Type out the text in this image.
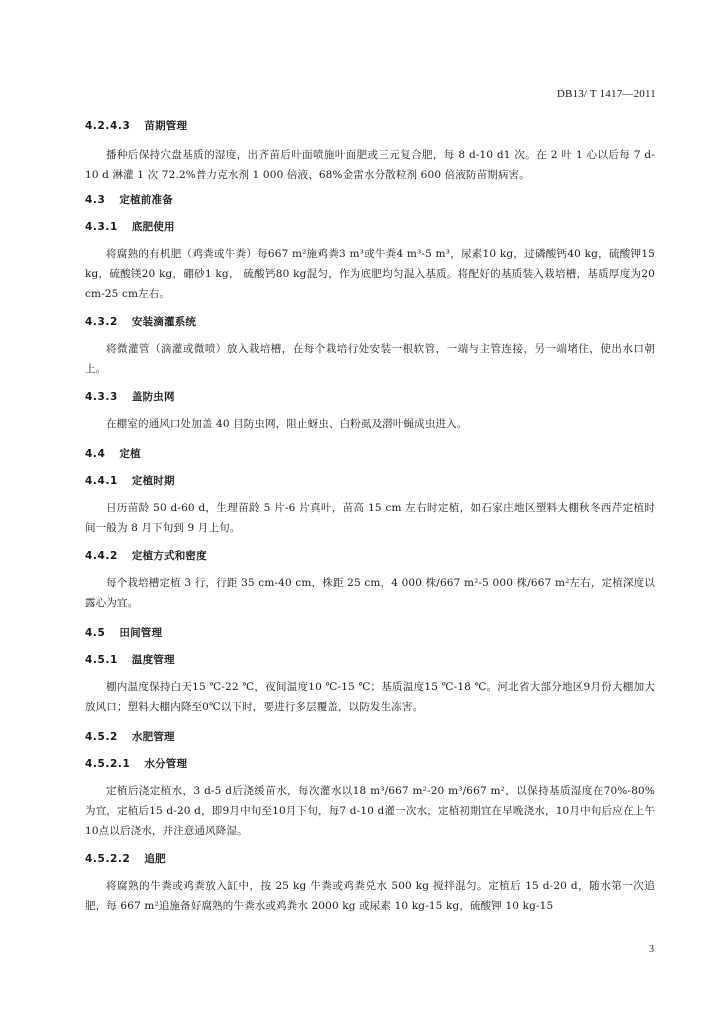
DB13/ T 1417—2011
4.2.4.3 苗期管理

播种后保持穴盘基质的湿度，出齐苗后叶面喷施叶面肥或三元复合肥，每 8 d-10 d1 次。在 2 叶 1 心以后每 7 d-10 d 淋灌 1 次 72.2%普力克水剂 1 000 倍液、68%金雷水分散粒剂 600 倍液防苗期病害。

4.3 定植前准备
4.3.1 底肥使用

将腐熟的有机肥（鸡粪或牛粪）每667 m²施鸡粪3 m³或牛粪4 m³-5 m³，尿素10 kg，过磷酸钙40 kg，硫酸钾15 kg，硫酸镁20 kg，硼砂1 kg， 硫酸钙80 kg混匀，作为底肥均匀混入基质。将配好的基质装入栽培槽，基质厚度为20 cm-25 cm左右。

4.3.2 安装滴灌系统

将微灌管（滴灌或微喷）放入栽培槽，在每个栽培行处安装一根软管，一端与主管连接，另一端堵住，使出水口朝上。

4.3.3 盖防虫网

在棚室的通风口处加盖 40 目防虫网，阻止蚜虫、白粉虱及潜叶蝇成虫进入。

4.4 定植
4.4.1 定植时期

日历苗龄 50 d-60 d，生理苗龄 5 片-6 片真叶，苗高 15 cm 左右时定植，如石家庄地区塑料大棚秋冬西芹定植时间一般为 8 月下旬到 9 月上旬。

4.4.2 定植方式和密度

每个栽培槽定植 3 行，行距 35 cm-40 cm，株距 25 cm，4 000 株/667 m²-5 000 株/667 m²左右，定植深度以露心为宜。

4.5 田间管理
4.5.1 温度管理

棚内温度保持白天15 ℃-22 ℃，夜间温度10 ℃-15 ℃；基质温度15 ℃-18 ℃。河北省大部分地区9月份大棚加大放风口；塑料大棚内降至0℃以下时，要进行多层覆盖，以防发生冻害。

4.5.2 水肥管理
4.5.2.1 水分管理

定植后浇定植水，3 d-5 d后浇缓苗水，每次灌水以18 m³/667 m²-20 m³/667 m²，以保持基质湿度在70%-80%为宜，定植后15 d-20 d，即9月中旬至10月下旬，每7 d-10 d灌一次水，定植初期宜在早晚浇水，10月中旬后应在上午10点以后浇水，并注意通风降湿。

4.5.2.2 追肥

将腐熟的牛粪或鸡粪放入缸中，按 25 kg 牛粪或鸡粪兑水 500 kg 搅拌混匀。定植后 15 d-20 d，随水第一次追肥，每 667 m²追施备好腐熟的牛粪水或鸡粪水 2000 kg 或尿素 10 kg-15 kg，硫酸钾 10 kg-15

3
